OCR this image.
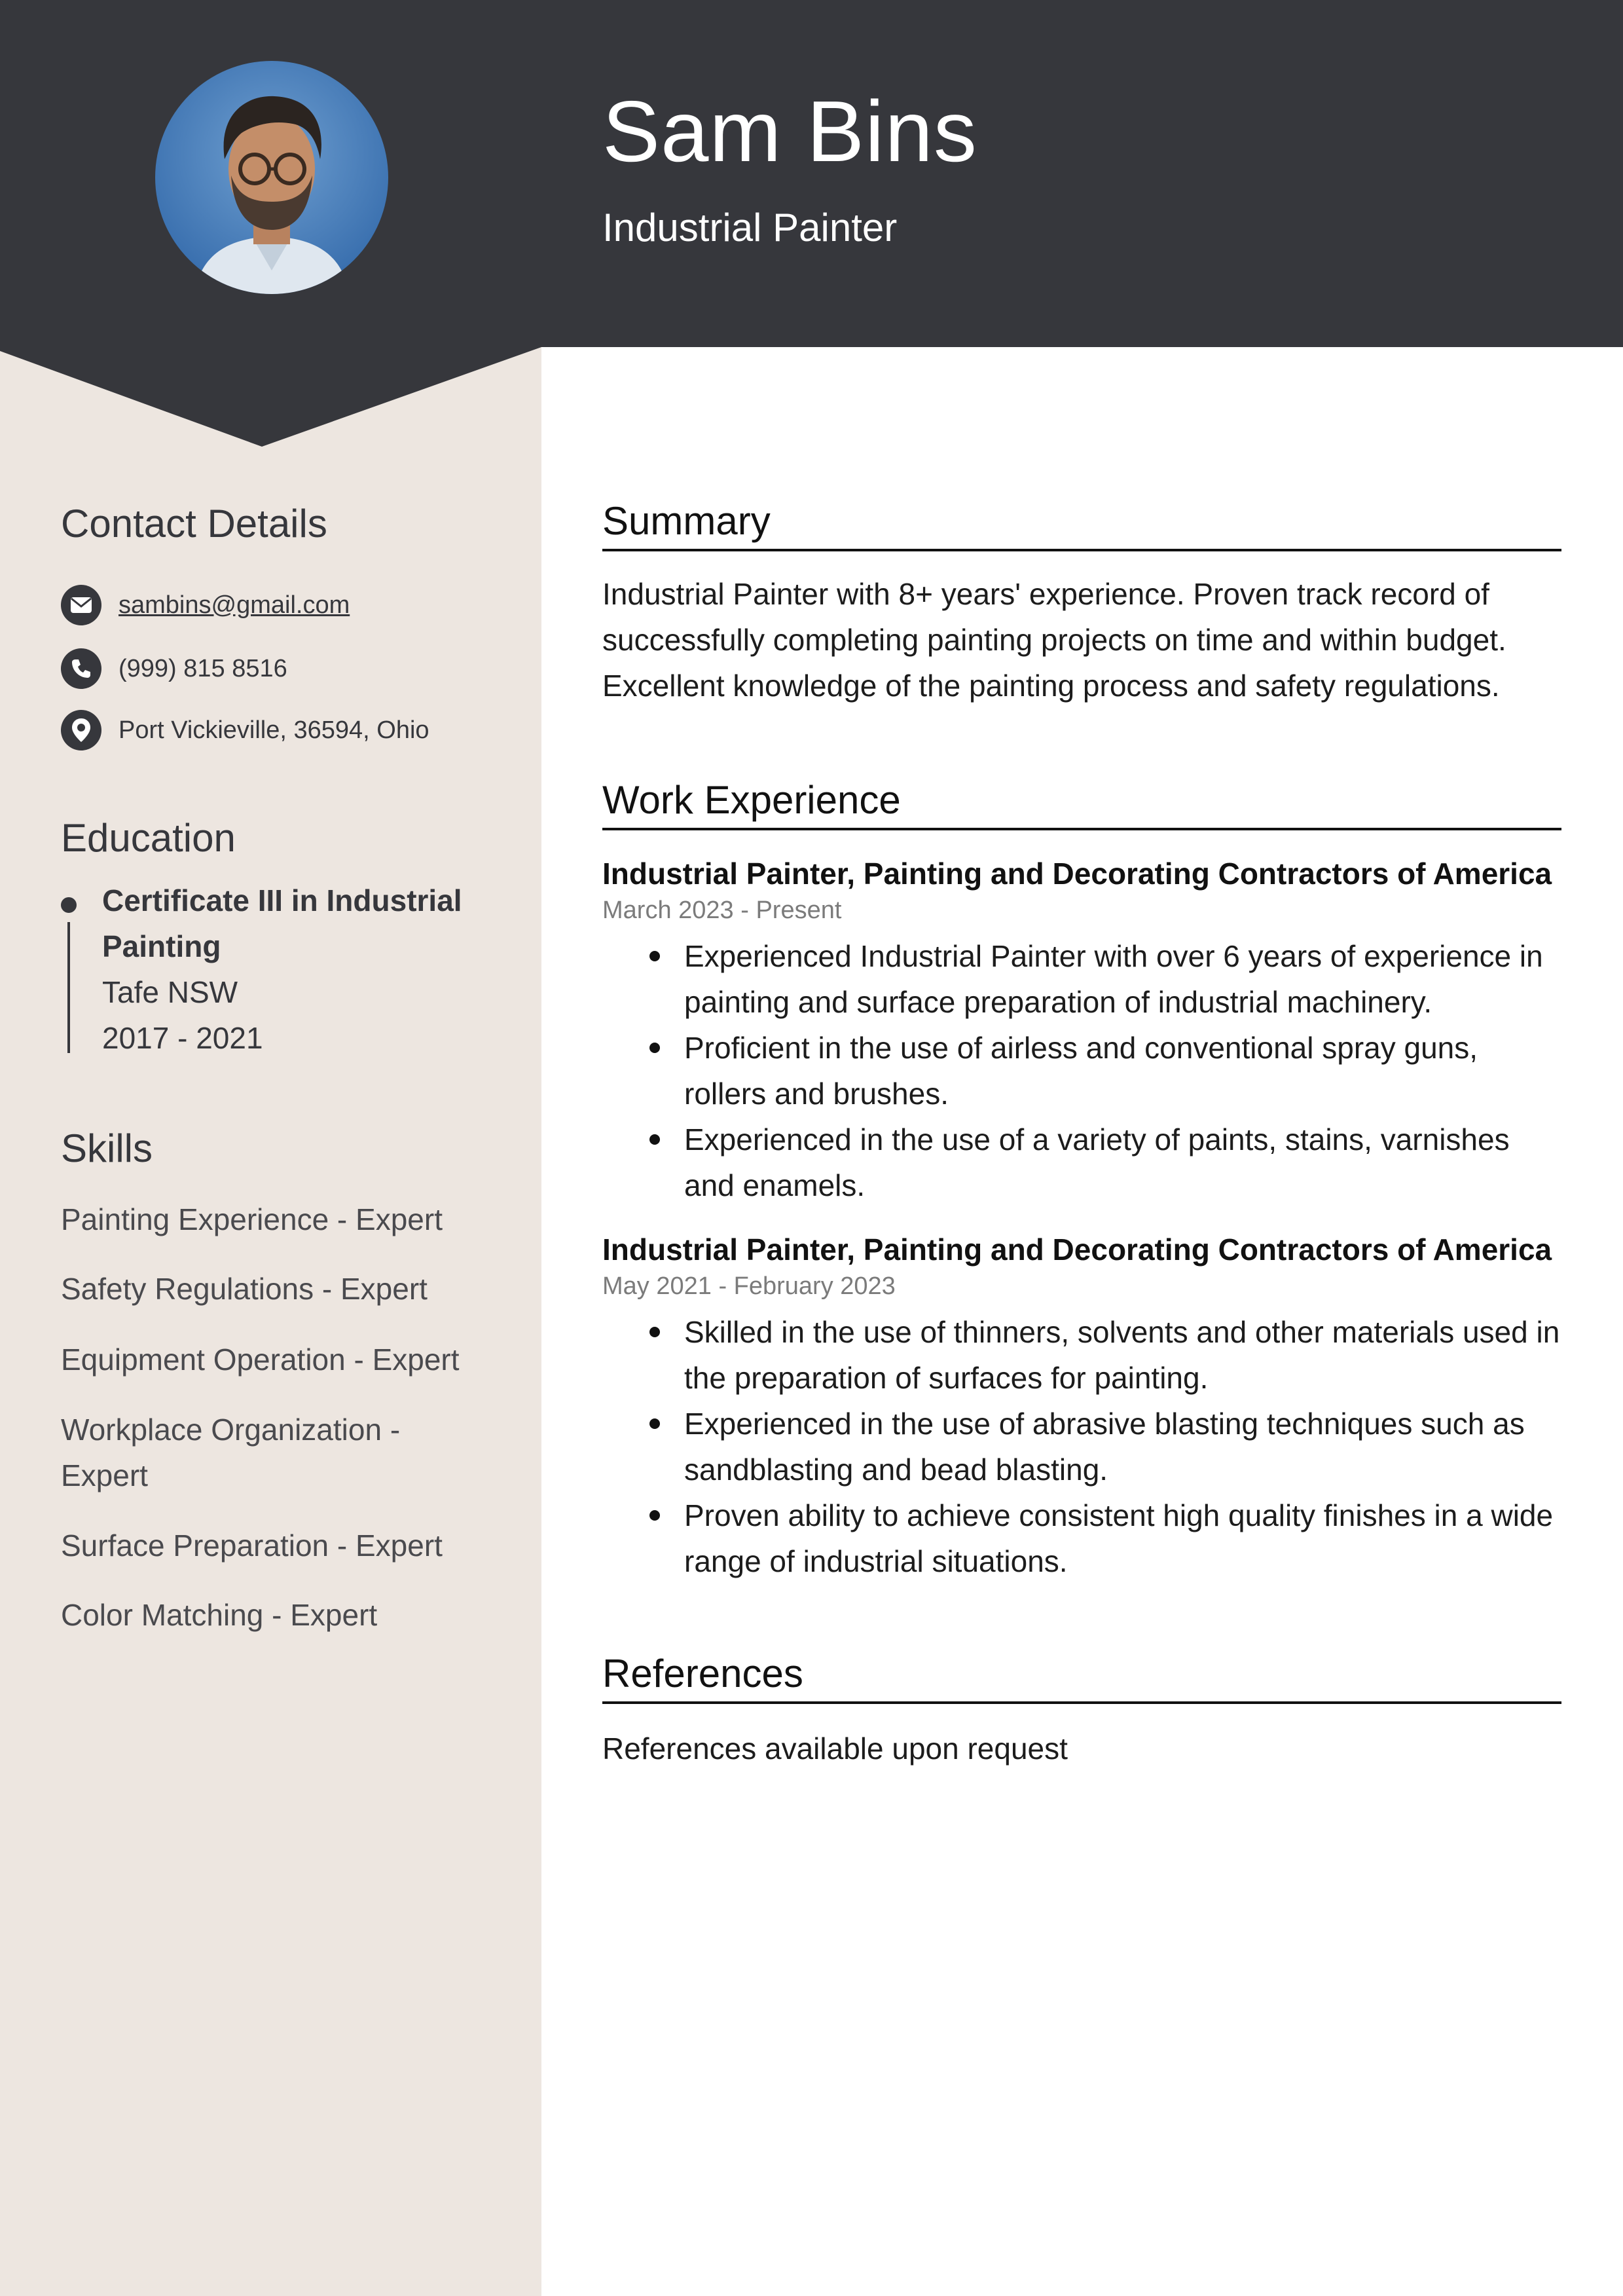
Sam Bins
Industrial Painter
Contact Details
sambins@gmail.com
(999) 815 8516
Port Vickieville, 36594, Ohio
Education
Certificate III in Industrial Painting
Tafe NSW
2017 - 2021
Skills
Painting Experience - Expert
Safety Regulations - Expert
Equipment Operation - Expert
Workplace Organization - Expert
Surface Preparation - Expert
Color Matching - Expert
Summary
Industrial Painter with 8+ years' experience. Proven track record of successfully completing painting projects on time and within budget. Excellent knowledge of the painting process and safety regulations.
Work Experience
Industrial Painter, Painting and Decorating Contractors of America
March 2023 - Present
Experienced Industrial Painter with over 6 years of experience in painting and surface preparation of industrial machinery.
Proficient in the use of airless and conventional spray guns, rollers and brushes.
Experienced in the use of a variety of paints, stains, varnishes and enamels.
Industrial Painter, Painting and Decorating Contractors of America
May 2021 - February 2023
Skilled in the use of thinners, solvents and other materials used in the preparation of surfaces for painting.
Experienced in the use of abrasive blasting techniques such as sandblasting and bead blasting.
Proven ability to achieve consistent high quality finishes in a wide range of industrial situations.
References
References available upon request
